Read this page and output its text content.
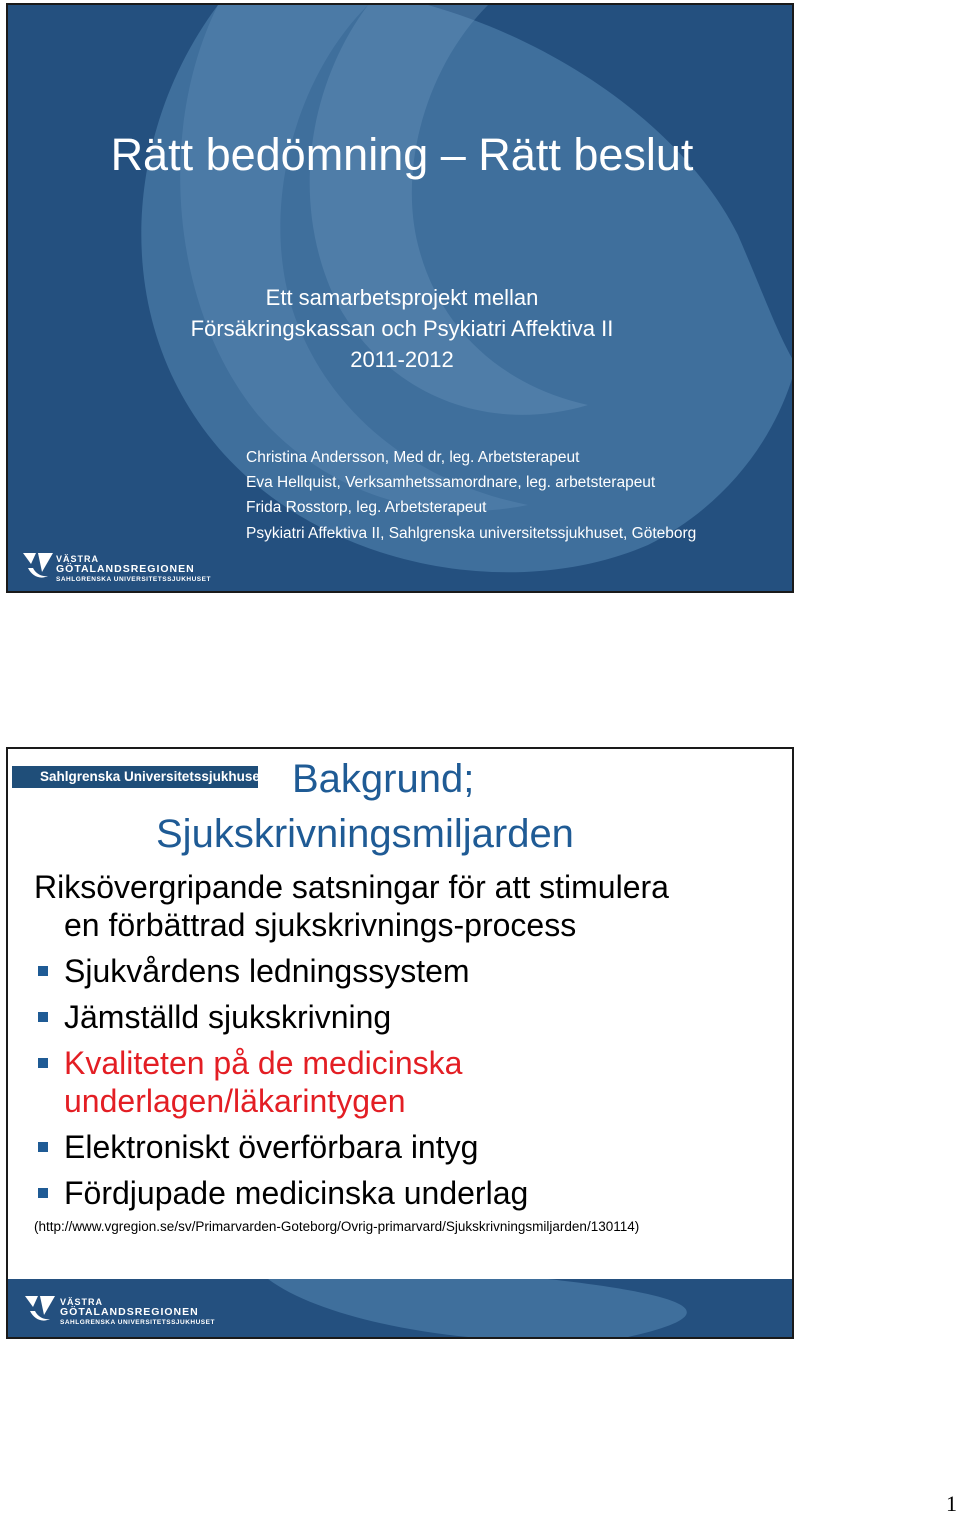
Rätt bedömning – Rätt beslut
Ett samarbetsprojekt mellan
Försäkringskassan och Psykiatri Affektiva II
2011-2012
Christina Andersson, Med dr, leg. Arbetsterapeut
Eva Hellquist, Verksamhetssamordnare, leg. arbetsterapeut
Frida Rosstorp, leg. Arbetsterapeut
Psykiatri Affektiva II, Sahlgrenska universitetssjukhuset, Göteborg
VÄSTRA
GÖTALANDSREGIONEN
SAHLGRENSKA UNIVERSITETSSJUKHUSET
Sahlgrenska Universitetssjukhuset Bakgrund;
Sjukskrivningsmiljarden
Riksövergripande satsningar för att stimulera
en förbättrad sjukskrivnings-process
Sjukvårdens ledningssystem
Jämställd sjukskrivning
Kvaliteten på de medicinska
underlagen/läkarintygen
Elektroniskt överförbara intyg
Fördjupade medicinska underlag
(http://www.vgregion.se/sv/Primarvarden-Goteborg/Ovrig-primarvard/Sjukskrivningsmiljarden/130114)
VÄSTRA
GÖTALANDSREGIONEN
SAHLGRENSKA UNIVERSITETSSJUKHUSET
1
